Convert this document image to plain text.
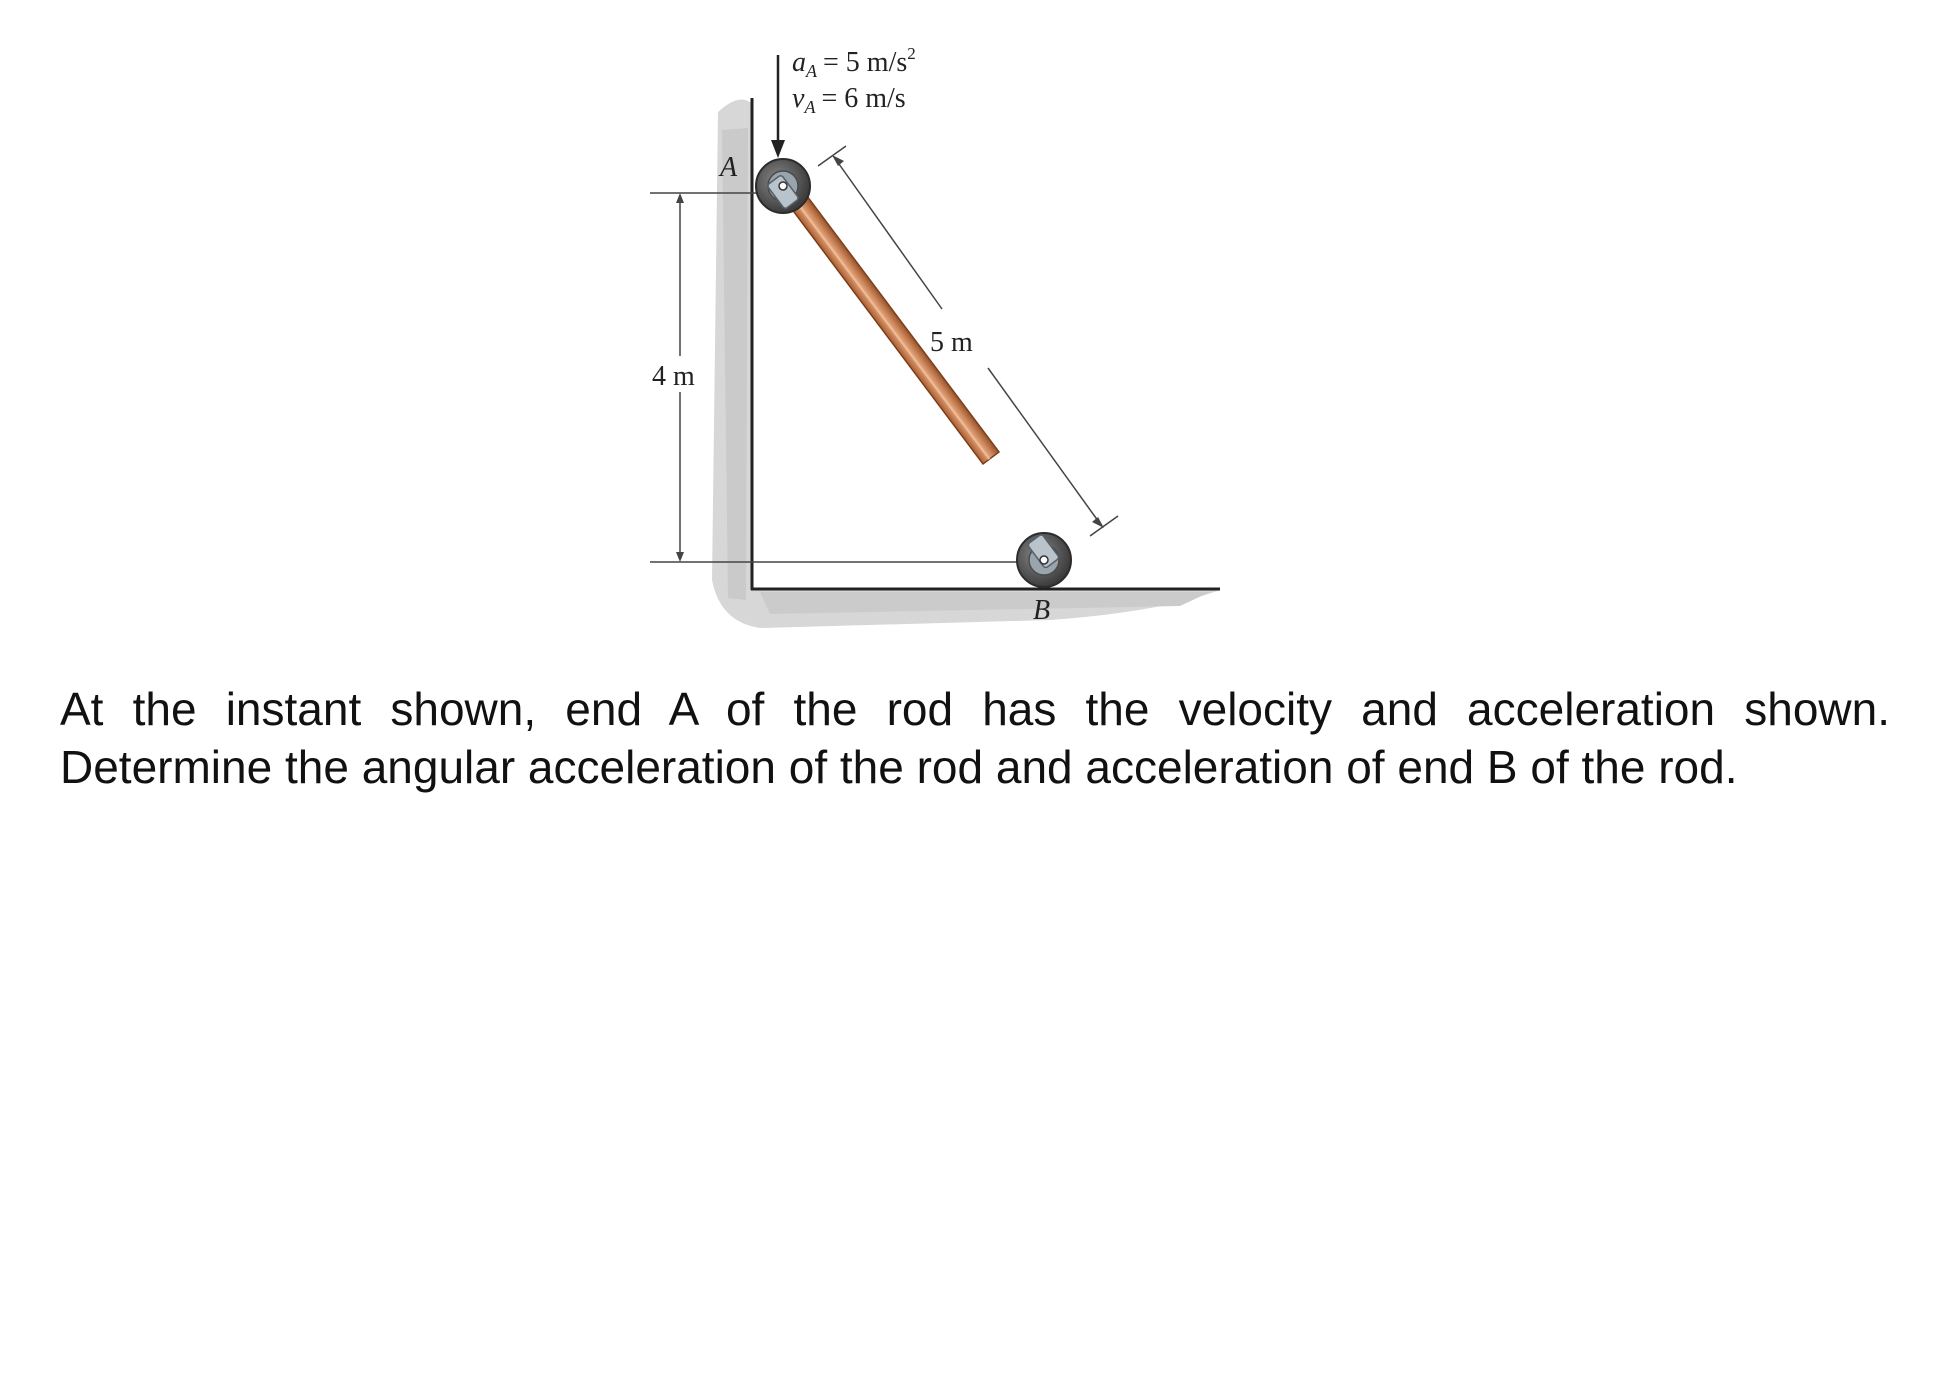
$a_A = 5$ $m/s^2$
$v_A = 6$ m/s
A
B
4 m
5 m

At the instant shown, end A of the rod has the velocity and acceleration shown.

Determine the angular acceleration of the rod and acceleration of end B of the rod.
